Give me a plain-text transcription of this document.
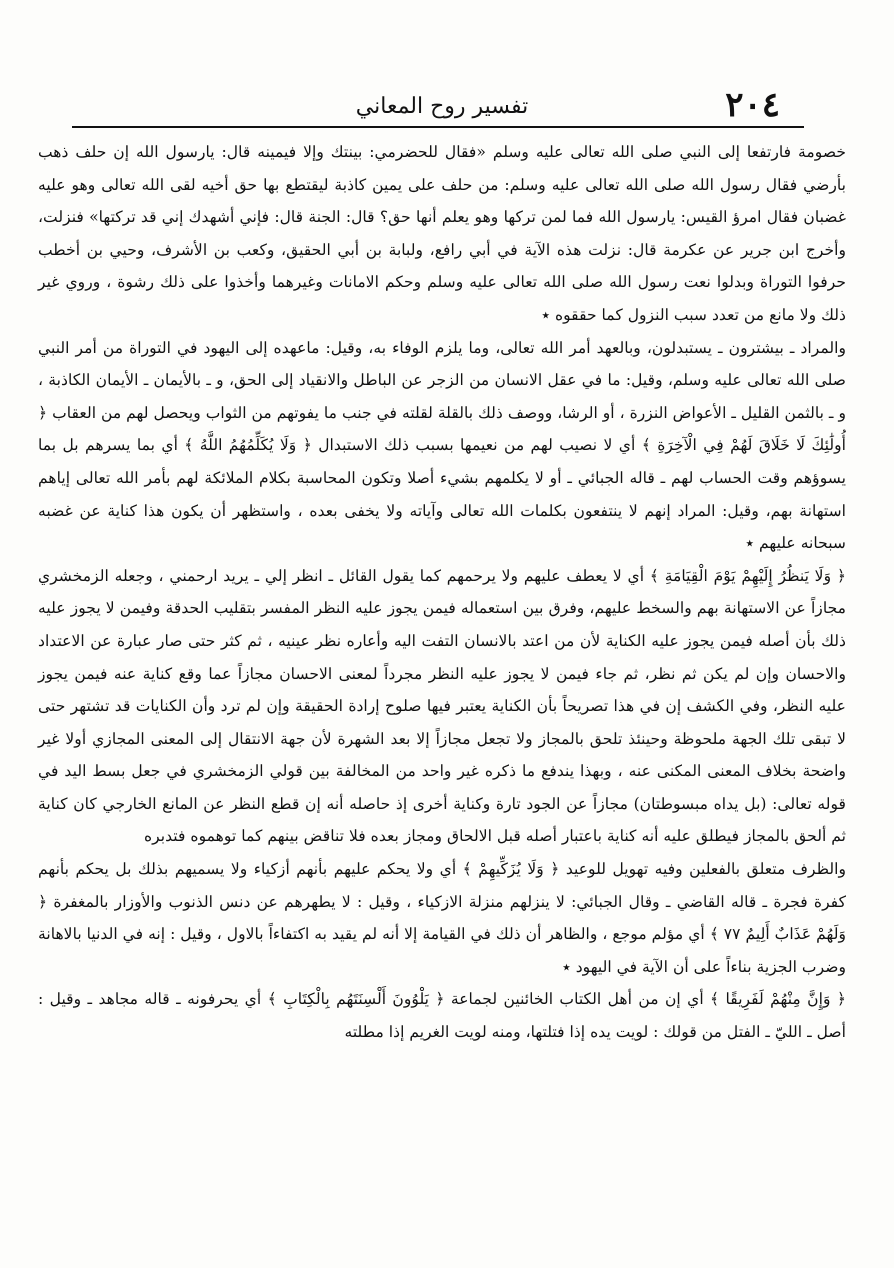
٢٠٤
تفسير روح المعاني

خصومة فارتفعا إلى النبي صلى الله تعالى عليه وسلم «فقال للحضرمي: بينتك وإلا فيمينه قال: يارسول الله إن حلف ذهب بأرضي فقال رسول الله صلى الله تعالى عليه وسلم: من حلف على يمين كاذبة ليقتطع بها حق أخيه لقى الله تعالى وهو عليه غضبان فقال امرؤ القيس: يارسول الله فما لمن تركها وهو يعلم أنها حق؟ قال: الجنة قال: فإني أشهدك إني قد تركتها» فنزلت، وأخرج ابن جرير عن عكرمة قال: نزلت هذه الآية في أبي رافع، ولبابة بن أبي الحقيق، وكعب بن الأشرف، وحيي بن أخطب حرفوا التوراة وبدلوا نعت رسول الله صلى الله تعالى عليه وسلم وحكم الامانات وغيرهما وأخذوا على ذلك رشوة ، وروي غير ذلك ولا مانع من تعدد سبب النزول كما حققوه ٭

والمراد ـ بيشترون ـ يستبدلون، وبالعهد أمر الله تعالى، وما يلزم الوفاء به، وقيل: ماعهده إلى اليهود في التوراة من أمر النبي صلى الله تعالى عليه وسلم، وقيل: ما في عقل الانسان من الزجر عن الباطل والانقياد إلى الحق، و ـ بالأيمان ـ الأيمان الكاذبة ، و ـ بالثمن القليل ـ الأعواض النزرة ، أو الرشا، ووصف ذلك بالقلة لقلته في جنب ما يفوتهم من الثواب ويحصل لهم من العقاب ﴿ أُولَٰئِكَ لَا خَلَاقَ لَهُمْ فِي الْآخِرَةِ ﴾ أي لا نصيب لهم من نعيمها بسبب ذلك الاستبدال ﴿ وَلَا يُكَلِّمُهُمُ اللَّهُ ﴾ أي بما يسرهم بل بما يسوؤهم وقت الحساب لهم ـ قاله الجبائي ـ أو لا يكلمهم بشيء أصلا وتكون المحاسبة بكلام الملائكة لهم بأمر الله تعالى إياهم استهانة بهم، وقيل: المراد إنهم لا ينتفعون بكلمات الله تعالى وآياته ولا يخفى بعده ، واستظهر أن يكون هذا كناية عن غضبه سبحانه عليهم ٭

﴿ وَلَا يَنظُرُ إِلَيْهِمْ يَوْمَ الْقِيَامَةِ ﴾ أي لا يعطف عليهم ولا يرحمهم كما يقول القائل ـ انظر إلي ـ يريد ارحمني ، وجعله الزمخشري مجازاً عن الاستهانة بهم والسخط عليهم، وفرق بين استعماله فيمن يجوز عليه النظر المفسر بتقليب الحدقة وفيمن لا يجوز عليه ذلك بأن أصله فيمن يجوز عليه الكناية لأن من اعتد بالانسان التفت اليه وأعاره نظر عينيه ، ثم كثر حتى صار عبارة عن الاعتداد والاحسان وإن لم يكن ثم نظر، ثم جاء فيمن لا يجوز عليه النظر مجرداً لمعنى الاحسان مجازاً عما وقع كناية عنه فيمن يجوز عليه النظر، وفي الكشف إن في هذا تصريحاً بأن الكناية يعتبر فيها صلوح إرادة الحقيقة وإن لم ترد وأن الكنايات قد تشتهر حتى لا تبقى تلك الجهة ملحوظة وحينئذ تلحق بالمجاز ولا تجعل مجازاً إلا بعد الشهرة لأن جهة الانتقال إلى المعنى المجازي أولا غير واضحة بخلاف المعنى المكنى عنه ، وبهذا يندفع ما ذكره غير واحد من المخالفة بين قولي الزمخشري في جعل بسط اليد في قوله تعالى: (بل يداه مبسوطتان) مجازاً عن الجود تارة وكناية أخرى إذ حاصله أنه إن قطع النظر عن المانع الخارجي كان كناية ثم ألحق بالمجاز فيطلق عليه أنه كناية باعتبار أصله قبل الالحاق ومجاز بعده فلا تناقض بينهم كما توهموه فتدبره

والظرف متعلق بالفعلين وفيه تهويل للوعيد ﴿ وَلَا يُزَكِّيهِمْ ﴾ أي ولا يحكم عليهم بأنهم أزكياء ولا يسميهم بذلك بل يحكم بأنهم كفرة فجرة ـ قاله القاضي ـ وقال الجبائي: لا ينزلهم منزلة الازكياء ، وقيل : لا يطهرهم عن دنس الذنوب والأوزار بالمغفرة ﴿ وَلَهُمْ عَذَابٌ أَلِيمٌ ٧٧ ﴾ أي مؤلم موجع ، والظاهر أن ذلك في القيامة إلا أنه لم يقيد به اكتفاءاً بالاول ، وقيل : إنه في الدنيا بالاهانة وضرب الجزية بناءاً على أن الآية في اليهود ٭

﴿ وَإِنَّ مِنْهُمْ لَفَرِيقًا ﴾ أي إن من أهل الكتاب الخائنين لجماعة ﴿ يَلْوُونَ أَلْسِنَتَهُم بِالْكِتَابِ ﴾ أي يحرفونه ـ قاله مجاهد ـ وقيل : أصل ـ الليّ ـ الفتل من قولك : لويت يده إذا فتلتها، ومنه لويت الغريم إذا مطلته
